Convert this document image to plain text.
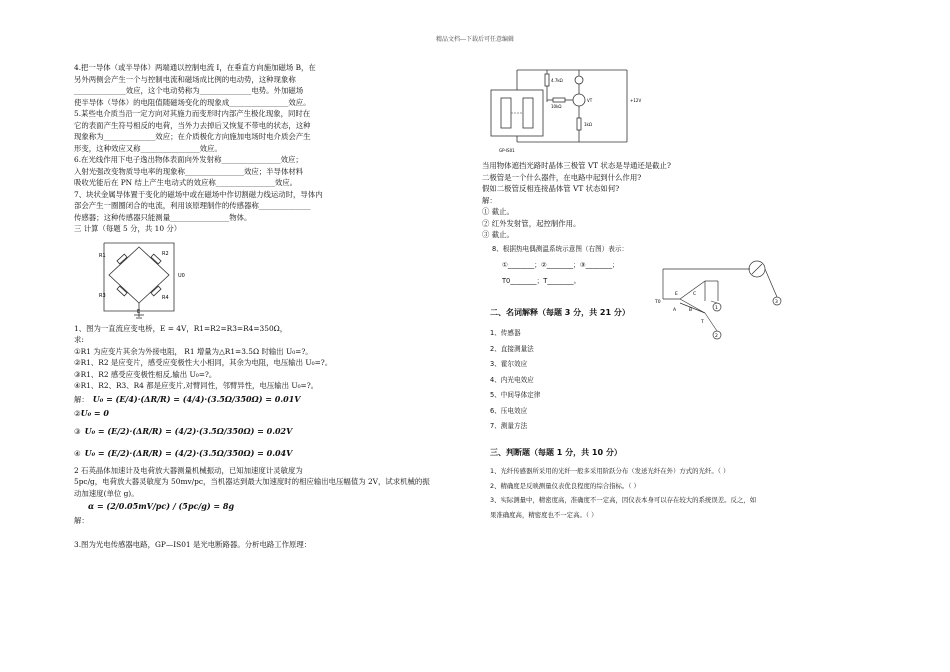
精品文档---下载后可任意编辑
4.把一导体（或半导体）两端通以控制电流 I，在垂直方向施加磁场 B，在
另外两侧会产生一个与控制电流和磁场成比例的电动势，这种现象称
______________效应，这个电动势称为______________电势。外加磁场
使半导体（导体）的电阻值随磁场变化的现象成________________效应。
5.某些电介质当沿一定方向对其施力而变形时内部产生极化现象，同时在
它的表面产生符号相反的电荷，当外力去掉后又恢复不带电的状态，这种
现象称为______________效应；在介质极化方向施加电场时电介质会产生
形变，这种效应又称________________效应。
6.在光线作用下电子逸出物体表面向外发射称________________效应；
入射光强改变物质导电率的现象称________________效应；半导体材料
吸收光能后在 PN 结上产生电动式的效应称________________效应。
7、块状金属导体置于变化的磁场中或在磁场中作切割磁力线运动时，导体内
部会产生一圈圈闭合的电流，利用该原理制作的传感器称______________
传感器；这种传感器只能测量________________物体。
三 计算（每题 5 分，共 10 分）
R1	R2
R3	R4
E
U0
1、图为一直流应变电桥，E = 4V，R1=R2=R3=R4=350Ω，
求:
①R1 为应变片其余为外接电阻， R1 增量为△R1=3.5Ω 时输出 U₀=?。
②R1、R2 是应变片，感受应变极性大小相同，其余为电阻，电压输出 U₀=?。
③R1、R2 感受应变极性相反,输出 U₀=?。
④R1、R2、R3、R4 都是应变片,对臂同性，邻臂异性，电压输出 U₀=?。
解： U₀ = (E/4)·(ΔR/R) = (4/4)·(3.5Ω/350Ω) = 0.01V
② U₀ = 0
③ U₀ = (E/2)·(ΔR/R) = (4/2)·(3.5Ω/350Ω) = 0.02V
④ U₀ = (E/2)·(ΔR/R) = (4/2)·(3.5Ω/350Ω) = 0.04V
2 石英晶体加速计及电荷放大器测量机械振动，已知加速度计灵敏度为
5pc/g，电荷放大器灵敏度为 50mv/pc，当机器达到最大加速度时的相应输出电压幅值为 2V，试求机械的振
动加速度(单位 g)。
α = (2/0.05mV/pc) / (5pc/g) = 8g
解：
3.图为光电传感器电路，GP—IS01 是光电断路器。分析电路工作原理：
GP-IS01
4.7kΩ
10kΩ
VT
1kΩ
+12V
当用物体遮挡光路时晶体三极管 VT 状态是导通还是截止?
二极管是一个什么器件，在电路中起到什么作用?
假如二极管反相连接晶体管 VT 状态如何?
解：
① 截止。
② 红外发射管，起控制作用。
③ 截止。
8、根据热电偶测温系统示意图（右图）表示：
①________；②________；③________；
T0________；T________。
二、名词解释（每题 3 分，共 21 分）
1、传感器
2、直接测量法
3、霍尔效应
4、内光电效应
5、中间导体定律
6、压电效应
7、测量方法
三、判断题（每题 1 分，共 10 分）
1、光纤传感器所采用的光纤一般多采用阶跃分布（发送光纤在外）方式的光纤。（ ）
2、精确度是反映测量仪表优良程度的综合指标。（ ）
3、实际测量中，精密度高，准确度不一定高，因仪表本身可以存在较大的系统误差。反之，如
果准确度高，精密度也不一定高。（ ）
T0
E
A	B
T
C
1
2
3
